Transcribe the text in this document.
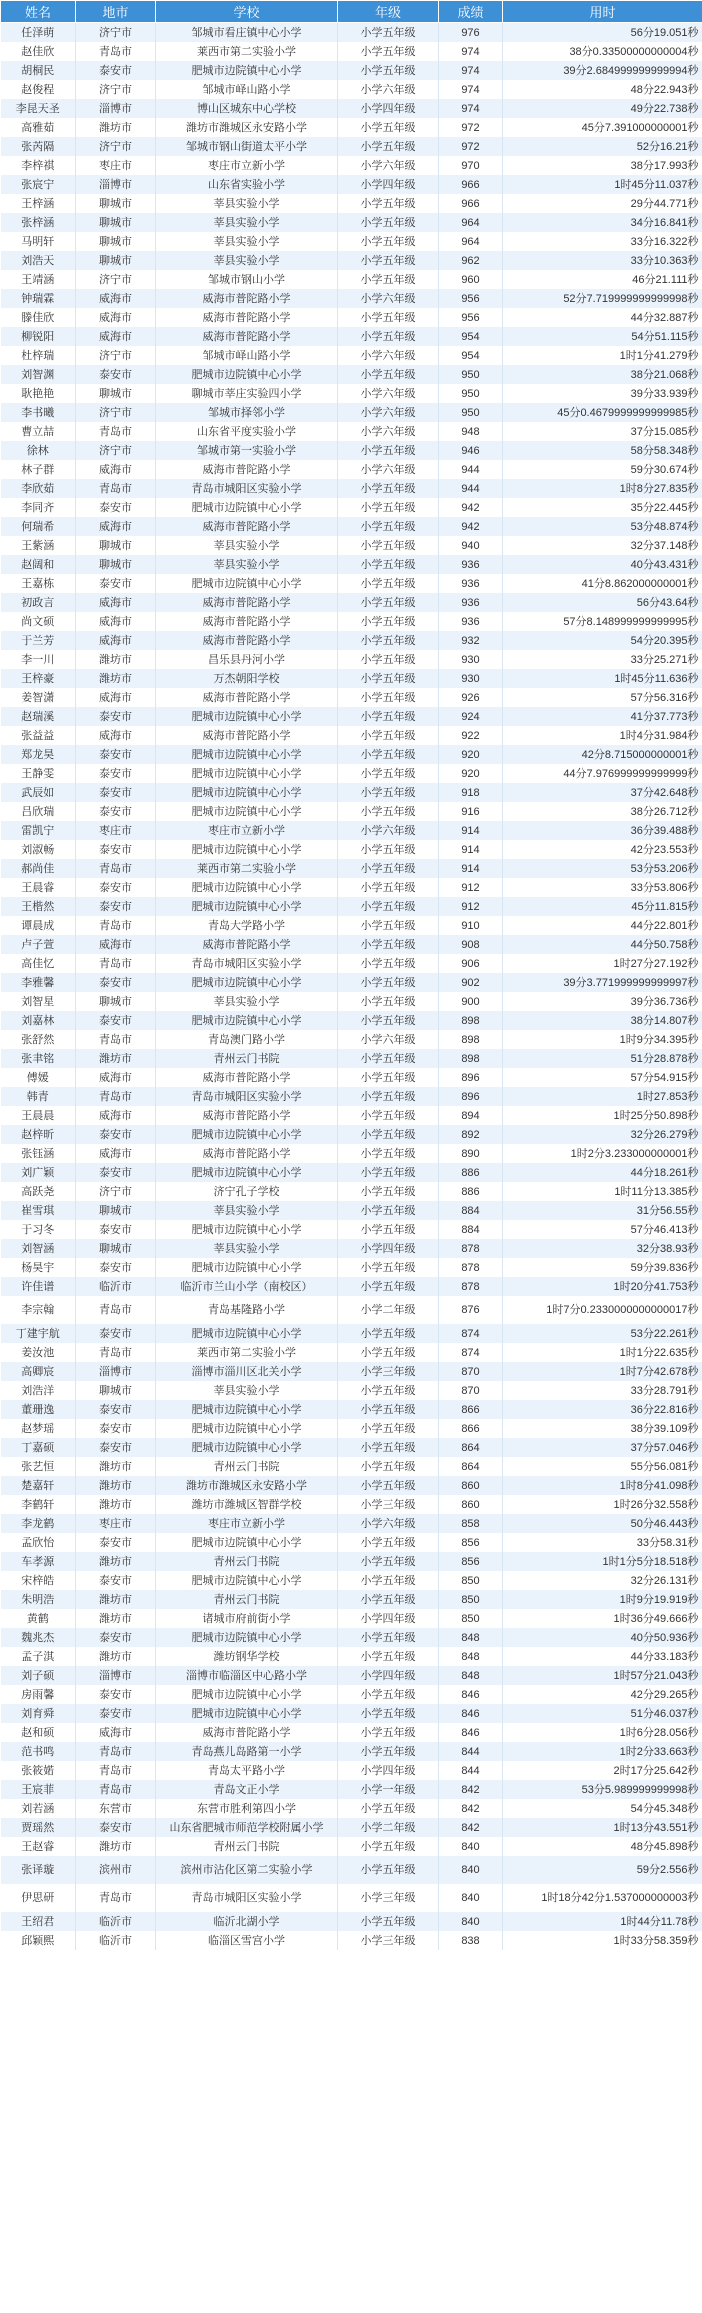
姓名	地市	学校	年级	成绩	用时
任泽萌	济宁市	邹城市看庄镇中心小学	小学五年级	976	56分19.051秒
赵佳欣	青岛市	莱西市第二实验小学	小学五年级	974	38分0.33500000000004秒
胡桐民	泰安市	肥城市边院镇中心小学	小学五年级	974	39分2.684999999999994秒
赵俊程	济宁市	邹城市峄山路小学	小学六年级	974	48分22.943秒
李昆天圣	淄博市	博山区城东中心学校	小学四年级	974	49分22.738秒
高雅茹	潍坊市	潍坊市潍城区永安路小学	小学五年级	972	45分7.391000000001秒
张芮隔	济宁市	邹城市钢山街道太平小学	小学五年级	972	52分16.21秒
李梓祺	枣庄市	枣庄市立新小学	小学六年级	970	38分17.993秒
张宸宁	淄博市	山东省实验小学	小学四年级	966	1时45分11.037秒
王梓涵	聊城市	莘县实验小学	小学五年级	966	29分44.771秒
张梓涵	聊城市	莘县实验小学	小学五年级	964	34分16.841秒
马明轩	聊城市	莘县实验小学	小学五年级	964	33分16.322秒
刘浩天	聊城市	莘县实验小学	小学五年级	962	33分10.363秒
王靖涵	济宁市	邹城市钢山小学	小学五年级	960	46分21.111秒
钟瑞霖	威海市	威海市普陀路小学	小学六年级	956	52分7.719999999999998秒
滕佳欣	威海市	威海市普陀路小学	小学五年级	956	44分32.887秒
柳锐阳	威海市	威海市普陀路小学	小学五年级	954	54分51.115秒
杜梓瑞	济宁市	邹城市峄山路小学	小学六年级	954	1时1分41.279秒
刘智渊	泰安市	肥城市边院镇中心小学	小学五年级	950	38分21.068秒
耿艳艳	聊城市	聊城市莘庄实验四小学	小学六年级	950	39分33.939秒
李书曦	济宁市	邹城市择邻小学	小学六年级	950	45分0.4679999999999985秒
曹立喆	青岛市	山东省平度实验小学	小学六年级	948	37分15.085秒
徐林	济宁市	邹城市第一实验小学	小学五年级	946	58分58.348秒
林子群	威海市	威海市普陀路小学	小学六年级	944	59分30.674秒
李欣茹	青岛市	青岛市城阳区实验小学	小学五年级	944	1时8分27.835秒
李同齐	泰安市	肥城市边院镇中心小学	小学五年级	942	35分22.445秒
何瑞希	威海市	威海市普陀路小学	小学五年级	942	53分48.874秒
王紫涵	聊城市	莘县实验小学	小学五年级	940	32分37.148秒
赵阔和	聊城市	莘县实验小学	小学五年级	936	40分43.431秒
王嘉栋	泰安市	肥城市边院镇中心小学	小学五年级	936	41分8.862000000001秒
初政言	威海市	威海市普陀路小学	小学五年级	936	56分43.64秒
尚文硕	威海市	威海市普陀路小学	小学五年级	936	57分8.148999999999995秒
于兰芳	威海市	威海市普陀路小学	小学五年级	932	54分20.395秒
李一川	潍坊市	昌乐县丹河小学	小学五年级	930	33分25.271秒
王梓豪	潍坊市	万杰朝阳学校	小学五年级	930	1时45分11.636秒
姜智潇	威海市	威海市普陀路小学	小学五年级	926	57分56.316秒
赵瑞溪	泰安市	肥城市边院镇中心小学	小学五年级	924	41分37.773秒
张益益	威海市	威海市普陀路小学	小学五年级	922	1时4分31.984秒
郑龙昊	泰安市	肥城市边院镇中心小学	小学五年级	920	42分8.715000000001秒
王静雯	泰安市	肥城市边院镇中心小学	小学五年级	920	44分7.976999999999999秒
武辰如	泰安市	肥城市边院镇中心小学	小学五年级	918	37分42.648秒
吕欣瑞	泰安市	肥城市边院镇中心小学	小学五年级	916	38分26.712秒
雷凯宁	枣庄市	枣庄市立新小学	小学六年级	914	36分39.488秒
刘淑畅	泰安市	肥城市边院镇中心小学	小学五年级	914	42分23.553秒
郝尚佳	青岛市	莱西市第二实验小学	小学五年级	914	53分53.206秒
王晨睿	泰安市	肥城市边院镇中心小学	小学五年级	912	33分53.806秒
王楷然	泰安市	肥城市边院镇中心小学	小学五年级	912	45分11.815秒
谭晨成	青岛市	青岛大学路小学	小学五年级	910	44分22.801秒
卢子萱	威海市	威海市普陀路小学	小学五年级	908	44分50.758秒
高佳忆	青岛市	青岛市城阳区实验小学	小学五年级	906	1时27分27.192秒
李雅馨	泰安市	肥城市边院镇中心小学	小学五年级	902	39分3.771999999999997秒
刘智星	聊城市	莘县实验小学	小学五年级	900	39分36.736秒
刘嘉林	泰安市	肥城市边院镇中心小学	小学五年级	898	38分14.807秒
张舒然	青岛市	青岛澳门路小学	小学六年级	898	1时9分34.395秒
张聿铭	潍坊市	青州云门书院	小学五年级	898	51分28.878秒
傅媛	威海市	威海市普陀路小学	小学五年级	896	57分54.915秒
韩青	青岛市	青岛市城阳区实验小学	小学五年级	896	1时27.853秒
王晨晨	威海市	威海市普陀路小学	小学五年级	894	1时25分50.898秒
赵梓昕	泰安市	肥城市边院镇中心小学	小学五年级	892	32分26.279秒
张钰涵	威海市	威海市普陀路小学	小学五年级	890	1时2分3.233000000001秒
刘广颖	泰安市	肥城市边院镇中心小学	小学五年级	886	44分18.261秒
高跃尧	济宁市	济宁孔子学校	小学五年级	886	1时11分13.385秒
崔雪琪	聊城市	莘县实验小学	小学五年级	884	31分56.55秒
于习冬	泰安市	肥城市边院镇中心小学	小学五年级	884	57分46.413秒
刘智涵	聊城市	莘县实验小学	小学四年级	878	32分38.93秒
杨昊宇	泰安市	肥城市边院镇中心小学	小学五年级	878	59分39.836秒
许佳谱	临沂市	临沂市兰山小学（南校区）	小学五年级	878	1时20分41.753秒
李宗翰	青岛市	青岛基隆路小学	小学二年级	876	1时7分0.2330000000000017秒
丁建宇航	泰安市	肥城市边院镇中心小学	小学五年级	874	53分22.261秒
姜汝池	青岛市	莱西市第二实验小学	小学五年级	874	1时1分22.635秒
高卿宸	淄博市	淄博市淄川区北关小学	小学三年级	870	1时7分42.678秒
刘浩洋	聊城市	莘县实验小学	小学五年级	870	33分28.791秒
董珊逸	泰安市	肥城市边院镇中心小学	小学五年级	866	36分22.816秒
赵梦瑶	泰安市	肥城市边院镇中心小学	小学五年级	866	38分39.109秒
丁嘉硕	泰安市	肥城市边院镇中心小学	小学五年级	864	37分57.046秒
张艺恒	潍坊市	青州云门书院	小学五年级	864	55分56.081秒
楚嘉轩	潍坊市	潍坊市潍城区永安路小学	小学五年级	860	1时8分41.098秒
李鹤轩	潍坊市	潍坊市潍城区智群学校	小学三年级	860	1时26分32.558秒
李龙鹤	枣庄市	枣庄市立新小学	小学六年级	858	50分46.443秒
孟欣怡	泰安市	肥城市边院镇中心小学	小学五年级	856	33分58.31秒
车孝源	潍坊市	青州云门书院	小学五年级	856	1时1分5分18.518秒
宋梓皓	泰安市	肥城市边院镇中心小学	小学五年级	850	32分26.131秒
朱明浩	潍坊市	青州云门书院	小学五年级	850	1时9分19.919秒
黄鹤	潍坊市	诸城市府前街小学	小学四年级	850	1时36分49.666秒
魏兆杰	泰安市	肥城市边院镇中心小学	小学五年级	848	40分50.936秒
孟子淇	潍坊市	潍坊钢华学校	小学五年级	848	44分33.183秒
刘子硕	淄博市	淄博市临淄区中心路小学	小学四年级	848	1时57分21.043秒
房雨馨	泰安市	肥城市边院镇中心小学	小学五年级	846	42分29.265秒
刘育舜	泰安市	肥城市边院镇中心小学	小学五年级	846	51分46.037秒
赵和硕	威海市	威海市普陀路小学	小学五年级	846	1时6分28.056秒
范书鸣	青岛市	青岛燕儿岛路第一小学	小学五年级	844	1时2分33.663秒
张筱婼	青岛市	青岛太平路小学	小学四年级	844	2时17分25.642秒
王宸菲	青岛市	青岛文正小学	小学一年级	842	53分5.989999999998秒
刘若涵	东营市	东营市胜利第四小学	小学五年级	842	54分45.348秒
贾瑶然	泰安市	山东省肥城市师范学校附属小学	小学二年级	842	1时13分43.551秒
王赵睿	潍坊市	青州云门书院	小学五年级	840	48分45.898秒
张译璇	滨州市	滨州市沾化区第二实验小学	小学五年级	840	59分2.556秒
伊思研	青岛市	青岛市城阳区实验小学	小学三年级	840	1时18分42分1.537000000003秒
王绍君	临沂市	临沂北湖小学	小学五年级	840	1时44分11.78秒
邱颖熙	临沂市	临淄区雪宫小学	小学三年级	838	1时33分58.359秒
